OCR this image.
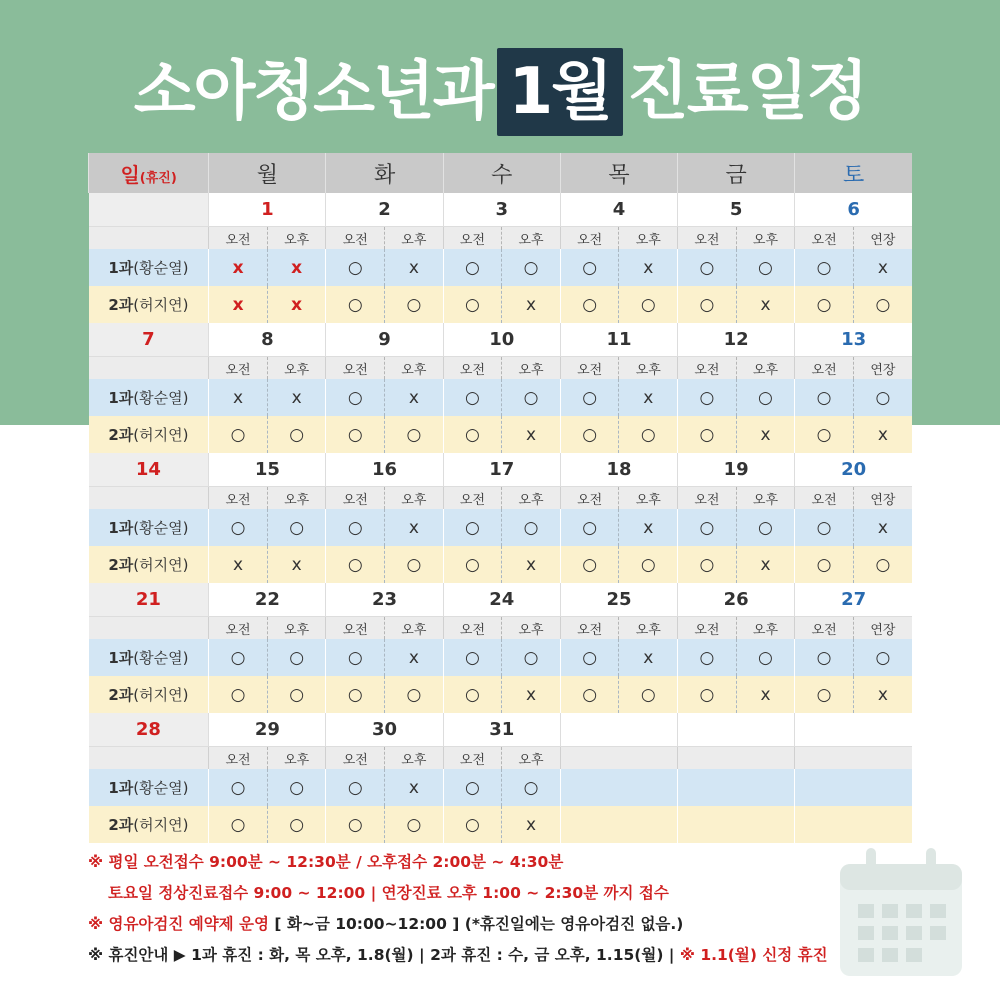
소아청소년과 1월 진료일정
일(휴진)	월		화		수		목		금		토	
	1		2		3		4		5		6	
	오전	오후	오전	오후	오전	오후	오전	오후	오전	오후	오전	연장
1과(황순열)	x	x	○	x	○	○	○	x	○	○	○	x
2과(허지연)	x	x	○	○	○	x	○	○	○	x	○	○
7	8		9		10		11		12		13	
	오전	오후	오전	오후	오전	오후	오전	오후	오전	오후	오전	연장
1과(황순열)	x	x	○	x	○	○	○	x	○	○	○	○
2과(허지연)	○	○	○	○	○	x	○	○	○	x	○	x
14	15		16		17		18		19		20	
	오전	오후	오전	오후	오전	오후	오전	오후	오전	오후	오전	연장
1과(황순열)	○	○	○	x	○	○	○	x	○	○	○	x
2과(허지연)	x	x	○	○	○	x	○	○	○	x	○	○
21	22		23		24		25		26		27	
	오전	오후	오전	오후	오전	오후	오전	오후	오전	오후	오전	연장
1과(황순열)	○	○	○	x	○	○	○	x	○	○	○	○
2과(허지연)	○	○	○	○	○	x	○	○	○	x	○	x
28	29		30		31							
	오전	오후	오전	오후	오전	오후						
1과(황순열)	○	○	○	x	○	○						
2과(허지연)	○	○	○	○	○	x						
※ 평일 오전접수 9:00분 ~ 12:30분 / 오후접수 2:00분 ~ 4:30분
토요일 정상진료접수 9:00 ~ 12:00 | 연장진료 오후 1:00 ~ 2:30분 까지 접수
※ 영유아검진 예약제 운영 [ 화~금 10:00~12:00 ] (*휴진일에는 영유아검진 없음.)
※ 휴진안내 ▶ 1과 휴진 : 화, 목 오후, 1.8(월) | 2과 휴진 : 수, 금 오후, 1.15(월) | ※ 1.1(월) 신정 휴진
